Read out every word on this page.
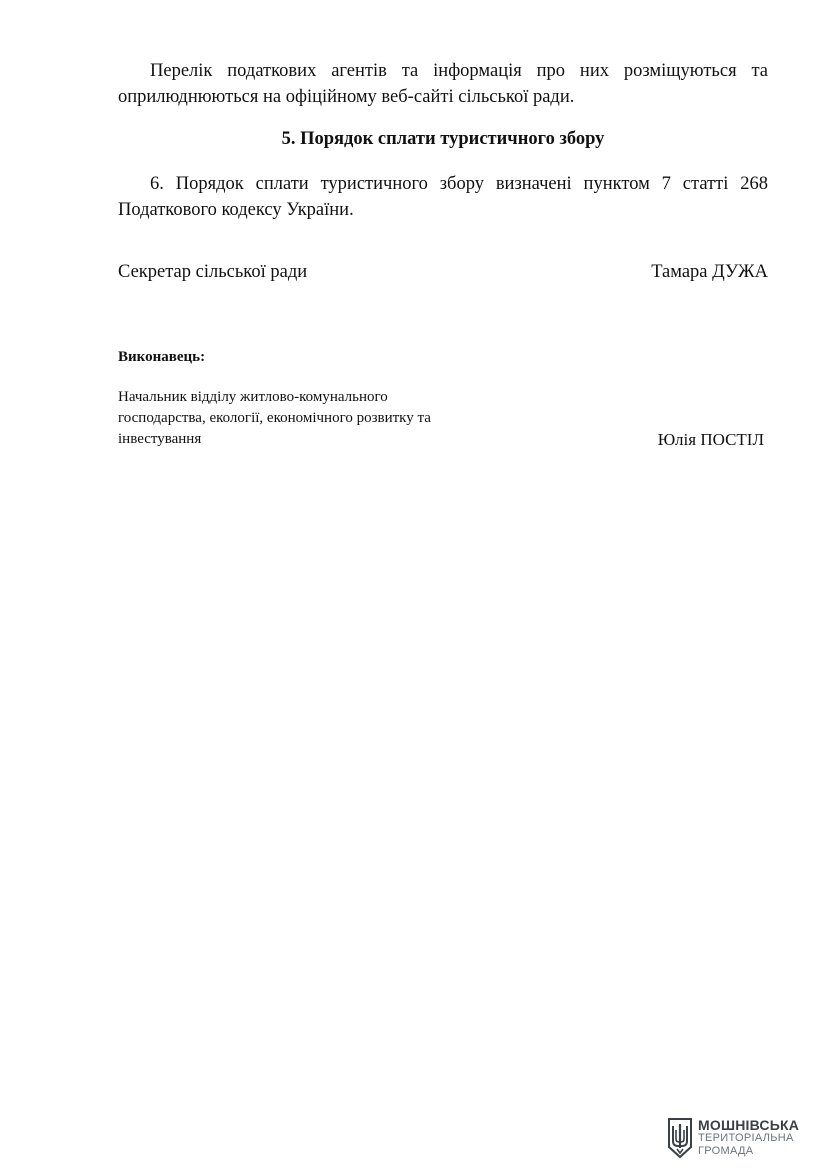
Перелік податкових агентів та інформація про них розміщуються та оприлюднюються на офіційному веб-сайті сільської ради.

5. Порядок сплати туристичного збору

6. Порядок сплати туристичного збору визначені пунктом 7 статті 268 Податкового кодексу України.

Секретар сільської ради	Тамара ДУЖА

Виконавець:

Начальник відділу житлово-комунального
господарства, екології, економічного розвитку та
інвестування	Юлія ПОСТІЛ

МОШНІВСЬКА
ТЕРИТОРІАЛЬНА
ГРОМАДА
